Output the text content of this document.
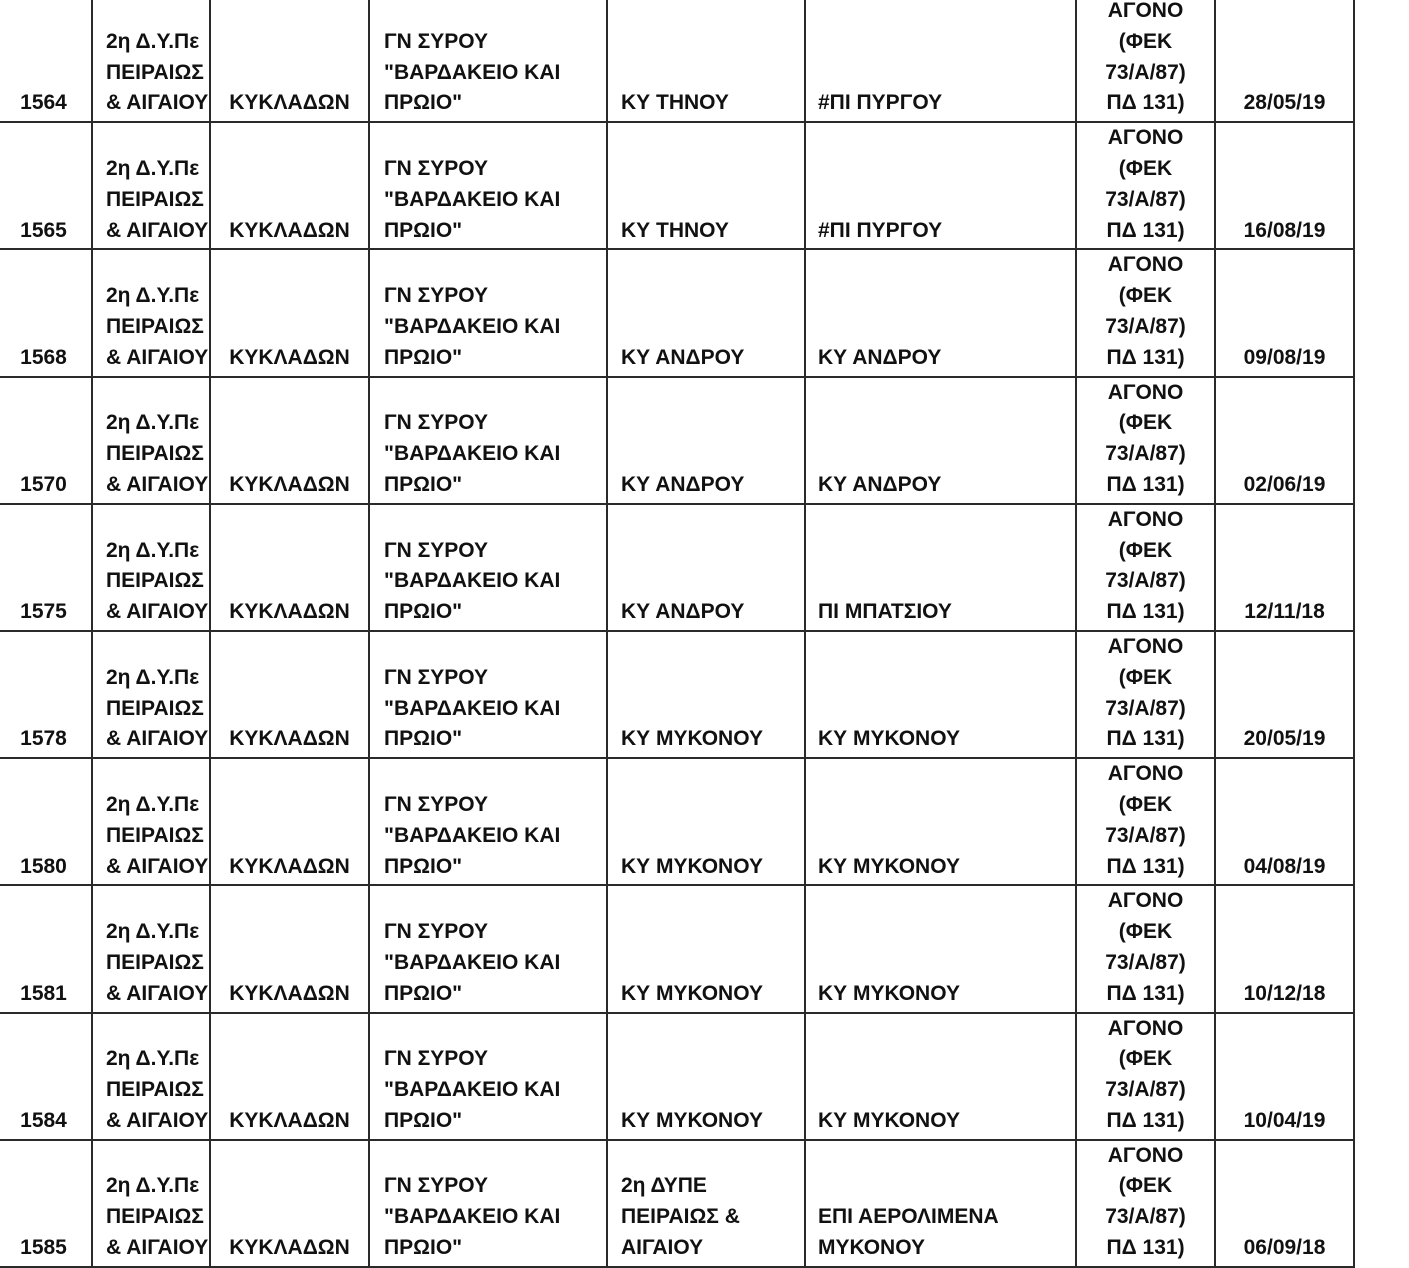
1564	2η Δ.Υ.Πε
ΠΕΙΡΑΙΩΣ
& ΑΙΓΑΙΟΥ	ΚΥΚΛΑΔΩΝ	ΓΝ ΣΥΡΟΥ
"ΒΑΡΔΑΚΕΙΟ ΚΑΙ
ΠΡΩΙΟ"	ΚΥ ΤΗΝΟΥ	#ΠΙ ΠΥΡΓΟΥ	ΑΓΟΝΟ
(ΦΕΚ
73/Α/87)
ΠΔ 131)	28/05/19
1565	2η Δ.Υ.Πε
ΠΕΙΡΑΙΩΣ
& ΑΙΓΑΙΟΥ	ΚΥΚΛΑΔΩΝ	ΓΝ ΣΥΡΟΥ
"ΒΑΡΔΑΚΕΙΟ ΚΑΙ
ΠΡΩΙΟ"	ΚΥ ΤΗΝΟΥ	#ΠΙ ΠΥΡΓΟΥ	ΑΓΟΝΟ
(ΦΕΚ
73/Α/87)
ΠΔ 131)	16/08/19
1568	2η Δ.Υ.Πε
ΠΕΙΡΑΙΩΣ
& ΑΙΓΑΙΟΥ	ΚΥΚΛΑΔΩΝ	ΓΝ ΣΥΡΟΥ
"ΒΑΡΔΑΚΕΙΟ ΚΑΙ
ΠΡΩΙΟ"	ΚΥ ΑΝΔΡΟΥ	ΚΥ ΑΝΔΡΟΥ	ΑΓΟΝΟ
(ΦΕΚ
73/Α/87)
ΠΔ 131)	09/08/19
1570	2η Δ.Υ.Πε
ΠΕΙΡΑΙΩΣ
& ΑΙΓΑΙΟΥ	ΚΥΚΛΑΔΩΝ	ΓΝ ΣΥΡΟΥ
"ΒΑΡΔΑΚΕΙΟ ΚΑΙ
ΠΡΩΙΟ"	ΚΥ ΑΝΔΡΟΥ	ΚΥ ΑΝΔΡΟΥ	ΑΓΟΝΟ
(ΦΕΚ
73/Α/87)
ΠΔ 131)	02/06/19
1575	2η Δ.Υ.Πε
ΠΕΙΡΑΙΩΣ
& ΑΙΓΑΙΟΥ	ΚΥΚΛΑΔΩΝ	ΓΝ ΣΥΡΟΥ
"ΒΑΡΔΑΚΕΙΟ ΚΑΙ
ΠΡΩΙΟ"	ΚΥ ΑΝΔΡΟΥ	ΠΙ ΜΠΑΤΣΙΟΥ	ΑΓΟΝΟ
(ΦΕΚ
73/Α/87)
ΠΔ 131)	12/11/18
1578	2η Δ.Υ.Πε
ΠΕΙΡΑΙΩΣ
& ΑΙΓΑΙΟΥ	ΚΥΚΛΑΔΩΝ	ΓΝ ΣΥΡΟΥ
"ΒΑΡΔΑΚΕΙΟ ΚΑΙ
ΠΡΩΙΟ"	ΚΥ ΜΥΚΟΝΟΥ	ΚΥ ΜΥΚΟΝΟΥ	ΑΓΟΝΟ
(ΦΕΚ
73/Α/87)
ΠΔ 131)	20/05/19
1580	2η Δ.Υ.Πε
ΠΕΙΡΑΙΩΣ
& ΑΙΓΑΙΟΥ	ΚΥΚΛΑΔΩΝ	ΓΝ ΣΥΡΟΥ
"ΒΑΡΔΑΚΕΙΟ ΚΑΙ
ΠΡΩΙΟ"	ΚΥ ΜΥΚΟΝΟΥ	ΚΥ ΜΥΚΟΝΟΥ	ΑΓΟΝΟ
(ΦΕΚ
73/Α/87)
ΠΔ 131)	04/08/19
1581	2η Δ.Υ.Πε
ΠΕΙΡΑΙΩΣ
& ΑΙΓΑΙΟΥ	ΚΥΚΛΑΔΩΝ	ΓΝ ΣΥΡΟΥ
"ΒΑΡΔΑΚΕΙΟ ΚΑΙ
ΠΡΩΙΟ"	ΚΥ ΜΥΚΟΝΟΥ	ΚΥ ΜΥΚΟΝΟΥ	ΑΓΟΝΟ
(ΦΕΚ
73/Α/87)
ΠΔ 131)	10/12/18
1584	2η Δ.Υ.Πε
ΠΕΙΡΑΙΩΣ
& ΑΙΓΑΙΟΥ	ΚΥΚΛΑΔΩΝ	ΓΝ ΣΥΡΟΥ
"ΒΑΡΔΑΚΕΙΟ ΚΑΙ
ΠΡΩΙΟ"	ΚΥ ΜΥΚΟΝΟΥ	ΚΥ ΜΥΚΟΝΟΥ	ΑΓΟΝΟ
(ΦΕΚ
73/Α/87)
ΠΔ 131)	10/04/19
1585	2η Δ.Υ.Πε
ΠΕΙΡΑΙΩΣ
& ΑΙΓΑΙΟΥ	ΚΥΚΛΑΔΩΝ	ΓΝ ΣΥΡΟΥ
"ΒΑΡΔΑΚΕΙΟ ΚΑΙ
ΠΡΩΙΟ"	2η ΔΥΠΕ
ΠΕΙΡΑΙΩΣ &
ΑΙΓΑΙΟΥ	ΕΠΙ ΑΕΡΟΛΙΜΕΝΑ
ΜΥΚΟΝΟΥ	ΑΓΟΝΟ
(ΦΕΚ
73/Α/87)
ΠΔ 131)	06/09/18
